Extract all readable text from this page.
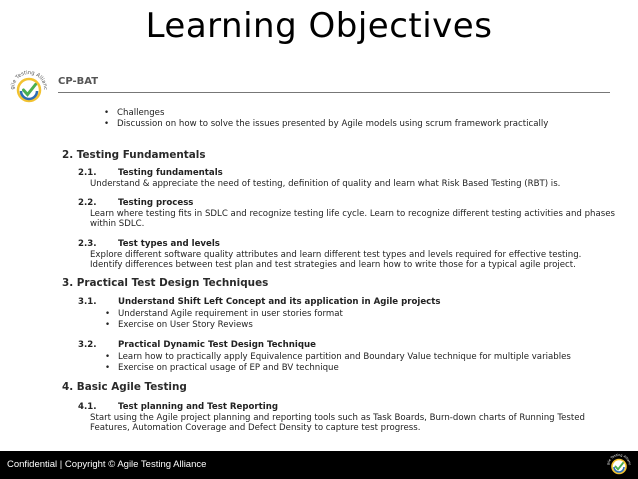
Learning Objectives
gile Testing Allianc
CP-BAT
• Challenges
• Discussion on how to solve the issues presented by Agile models using scrum framework practically
2. Testing Fundamentals
2.1.	Testing fundamentals
Understand & appreciate the need of testing, definition of quality and learn what Risk Based Testing (RBT) is.
2.2.	Testing process
Learn where testing fits in SDLC and recognize testing life cycle. Learn to recognize different testing activities and phases
within SDLC.
2.3.	Test types and levels
Explore different software quality attributes and learn different test types and levels required for effective testing.
Identify differences between test plan and test strategies and learn how to write those for a typical agile project.
3. Practical Test Design Techniques
3.1.	Understand Shift Left Concept and its application in Agile projects
• Understand Agile requirement in user stories format
• Exercise on User Story Reviews
3.2.	Practical Dynamic Test Design Technique
• Learn how to practically apply Equivalence partition and Boundary Value technique for multiple variables
• Exercise on practical usage of EP and BV technique
4. Basic Agile Testing
4.1.	Test planning and Test Reporting
Start using the Agile project planning and reporting tools such as Task Boards, Burn-down charts of Running Tested
Features, Automation Coverage and Defect Density to capture test progress.
Confidential | Copyright © Agile Testing Alliance	gile Testing Allianc
